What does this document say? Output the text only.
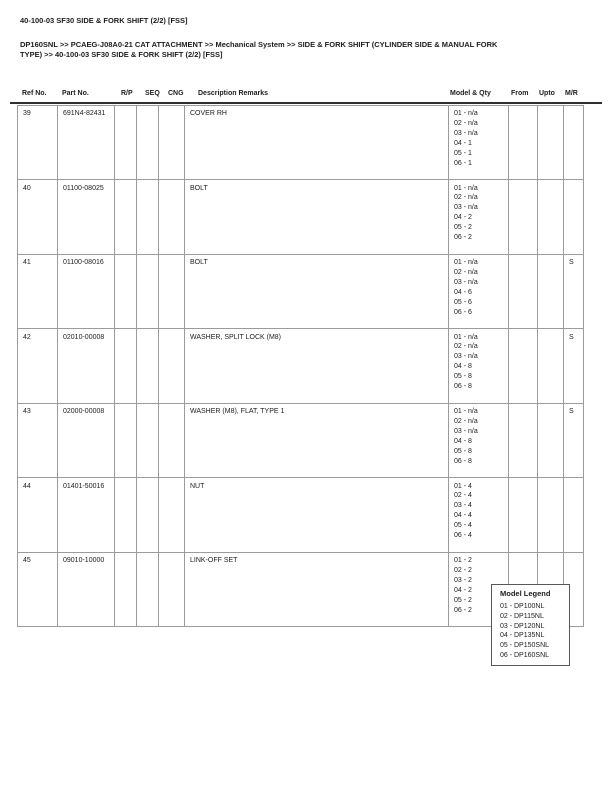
40-100-03 SF30 SIDE & FORK SHIFT (2/2) [FSS]
DP160SNL >> PCAEG-J08A0-21 CAT ATTACHMENT >> Mechanical System >> SIDE & FORK SHIFT (CYLINDER SIDE & MANUAL FORK
TYPE) >> 40-100-03 SF30 SIDE & FORK SHIFT (2/2) [FSS]
Ref No.	Part No.	R/P	SEQ	CNG	Description Remarks	Model & Qty	From	Upto	M/R
39	691N4-82431				COVER RH	01 - n/a
02 - n/a
03 - n/a
04 - 1
05 - 1
06 - 1

40	01100-08025				BOLT	01 - n/a
02 - n/a
03 - n/a
04 - 2
05 - 2
06 - 2

41	01100-08016				BOLT	01 - n/a
02 - n/a
03 - n/a
04 - 6
05 - 6
06 - 6
			S
42	02010-00008				WASHER, SPLIT LOCK (M8)	01 - n/a
02 - n/a
03 - n/a
04 - 8
05 - 8
06 - 8
			S
43	02000-00008				WASHER (M8), FLAT, TYPE 1	01 - n/a
02 - n/a
03 - n/a
04 - 8
05 - 8
06 - 8
			S
44	01401-50016				NUT	01 - 4
02 - 4
03 - 4
04 - 4
05 - 4
06 - 4

45	09010-10000				LINK-OFF SET	01 - 2
02 - 2
03 - 2
04 - 2
05 - 2
06 - 2

Model Legend
01 - DP100NL
02 - DP115NL
03 - DP120NL
04 - DP135NL
05 - DP150SNL
06 - DP160SNL
